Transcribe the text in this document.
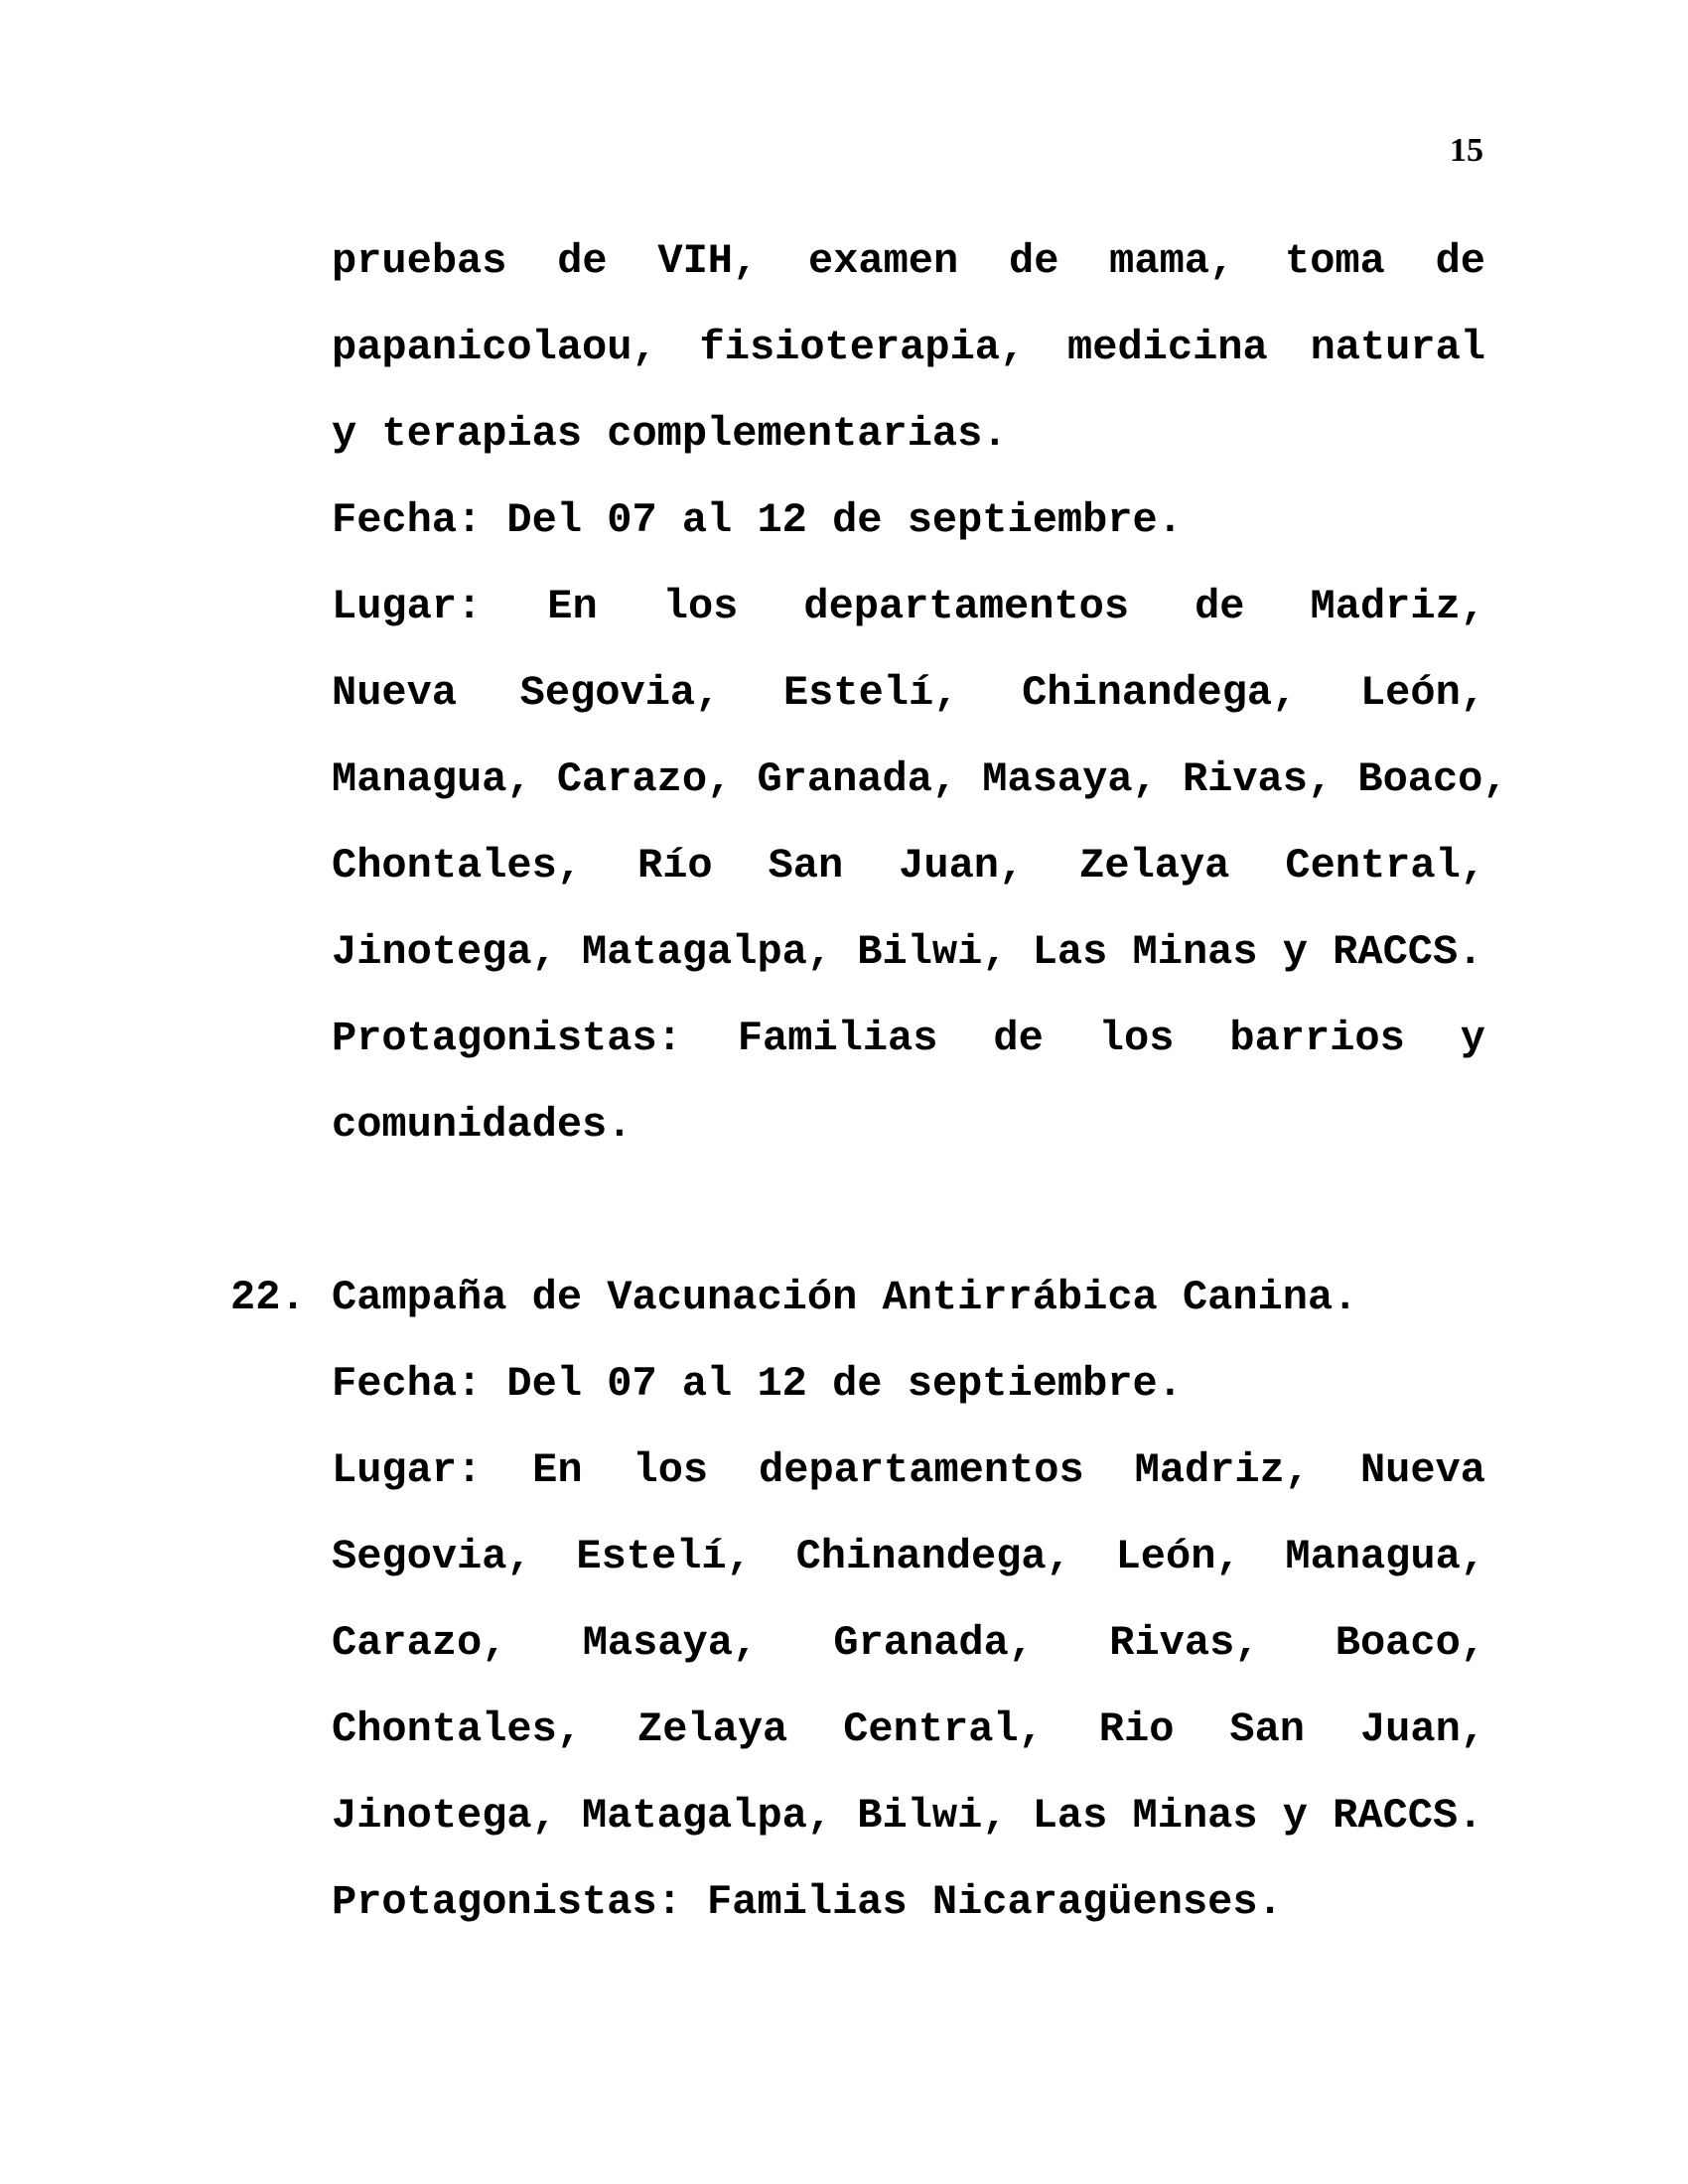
15
pruebas de VIH, examen de mama, toma de
papanicolaou, fisioterapia, medicina natural
y terapias complementarias.
Fecha: Del 07 al 12 de septiembre.
Lugar: En los departamentos de Madriz,
Nueva Segovia, Estelí, Chinandega, León,
Managua, Carazo, Granada, Masaya, Rivas, Boaco,
Chontales, Río San Juan, Zelaya Central,
Jinotega, Matagalpa, Bilwi, Las Minas y RACCS.
Protagonistas: Familias de los barrios y
comunidades.
22. Campaña de Vacunación Antirrábica Canina.
Fecha: Del 07 al 12 de septiembre.
Lugar: En los departamentos Madriz, Nueva
Segovia, Estelí, Chinandega, León, Managua,
Carazo, Masaya, Granada, Rivas, Boaco,
Chontales, Zelaya Central, Rio San Juan,
Jinotega, Matagalpa, Bilwi, Las Minas y RACCS.
Protagonistas: Familias Nicaragüenses.
